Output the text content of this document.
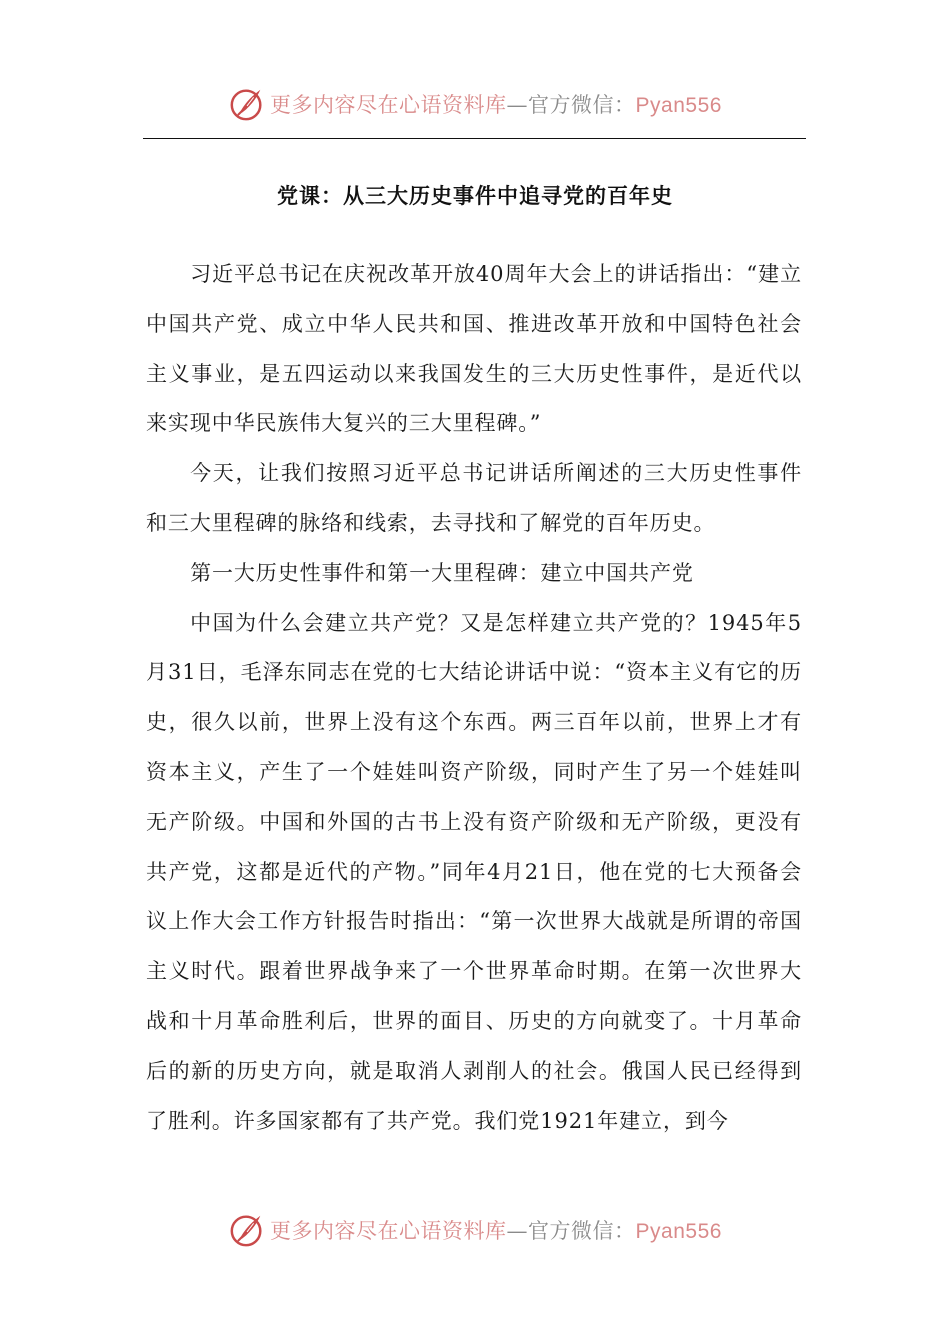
更多内容尽在心语资料库—官方微信：Pyan556
党课：从三大历史事件中追寻党的百年史

习近平总书记在庆祝改革开放40周年大会上的讲话指出：“建立中国共产党、成立中华人民共和国、推进改革开放和中国特色社会主义事业，是五四运动以来我国发生的三大历史性事件，是近代以来实现中华民族伟大复兴的三大里程碑。”

今天，让我们按照习近平总书记讲话所阐述的三大历史性事件和三大里程碑的脉络和线索，去寻找和了解党的百年历史。

第一大历史性事件和第一大里程碑：建立中国共产党

中国为什么会建立共产党？又是怎样建立共产党的？1945年5月31日，毛泽东同志在党的七大结论讲话中说：“资本主义有它的历史，很久以前，世界上没有这个东西。两三百年以前，世界上才有资本主义，产生了一个娃娃叫资产阶级，同时产生了另一个娃娃叫无产阶级。中国和外国的古书上没有资产阶级和无产阶级，更没有共产党，这都是近代的产物。”同年4月21日，他在党的七大预备会议上作大会工作方针报告时指出：“第一次世界大战就是所谓的帝国主义时代。跟着世界战争来了一个世界革命时期。在第一次世界大战和十月革命胜利后，世界的面目、历史的方向就变了。十月革命后的新的历史方向，就是取消人剥削人的社会。俄国人民已经得到了胜利。许多国家都有了共产党。我们党1921年建立，到今

更多内容尽在心语资料库—官方微信：Pyan556
